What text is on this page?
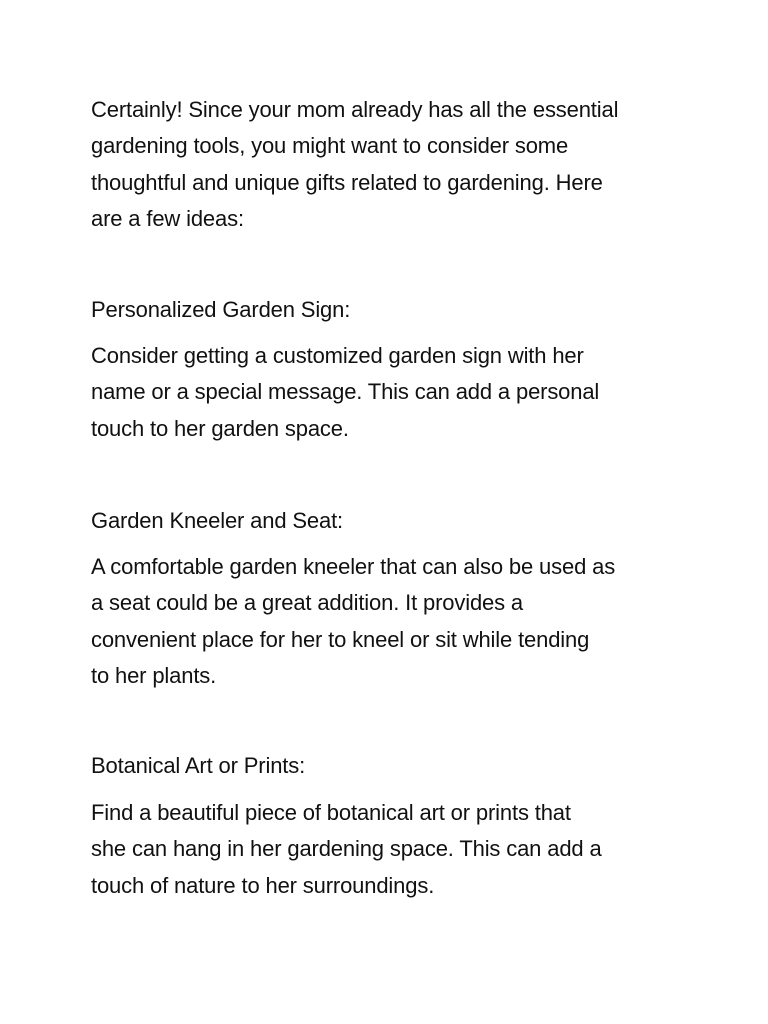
Certainly! Since your mom already has all the essential
gardening tools, you might want to consider some
thoughtful and unique gifts related to gardening. Here
are a few ideas:

Personalized Garden Sign:

Consider getting a customized garden sign with her
name or a special message. This can add a personal
touch to her garden space.

Garden Kneeler and Seat:

A comfortable garden kneeler that can also be used as
a seat could be a great addition. It provides a
convenient place for her to kneel or sit while tending
to her plants.

Botanical Art or Prints:

Find a beautiful piece of botanical art or prints that
she can hang in her gardening space. This can add a
touch of nature to her surroundings.
